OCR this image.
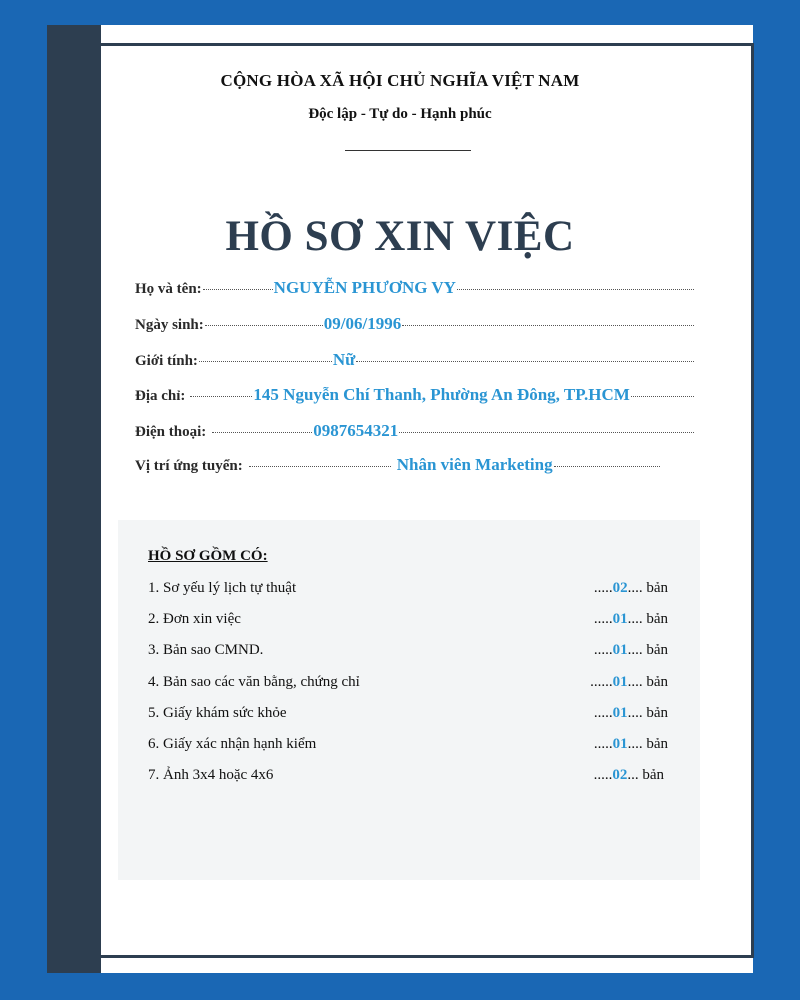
CỘNG HÒA XÃ HỘI CHỦ NGHĨA VIỆT NAM
Độc lập - Tự do - Hạnh phúc
HỒ SƠ XIN VIỆC
Họ và tên:	NGUYỄN PHƯƠNG VY
Ngày sinh:	09/06/1996
Giới tính:	Nữ
Địa chỉ:	145 Nguyễn Chí Thanh, Phường An Đông, TP.HCM
Điện thoại:	0987654321
Vị trí ứng tuyển:	Nhân viên Marketing
HỒ SƠ GỒM CÓ:
1. Sơ yếu lý lịch tự thuật	.....02.... bản
2. Đơn xin việc	.....01.... bản
3. Bản sao CMND.	.....01.... bản
4. Bản sao các văn bằng, chứng chỉ	......01.... bản
5. Giấy khám sức khỏe	.....01.... bản
6. Giấy xác nhận hạnh kiểm	.....01.... bản
7. Ảnh 3x4 hoặc 4x6	.....02... bản
